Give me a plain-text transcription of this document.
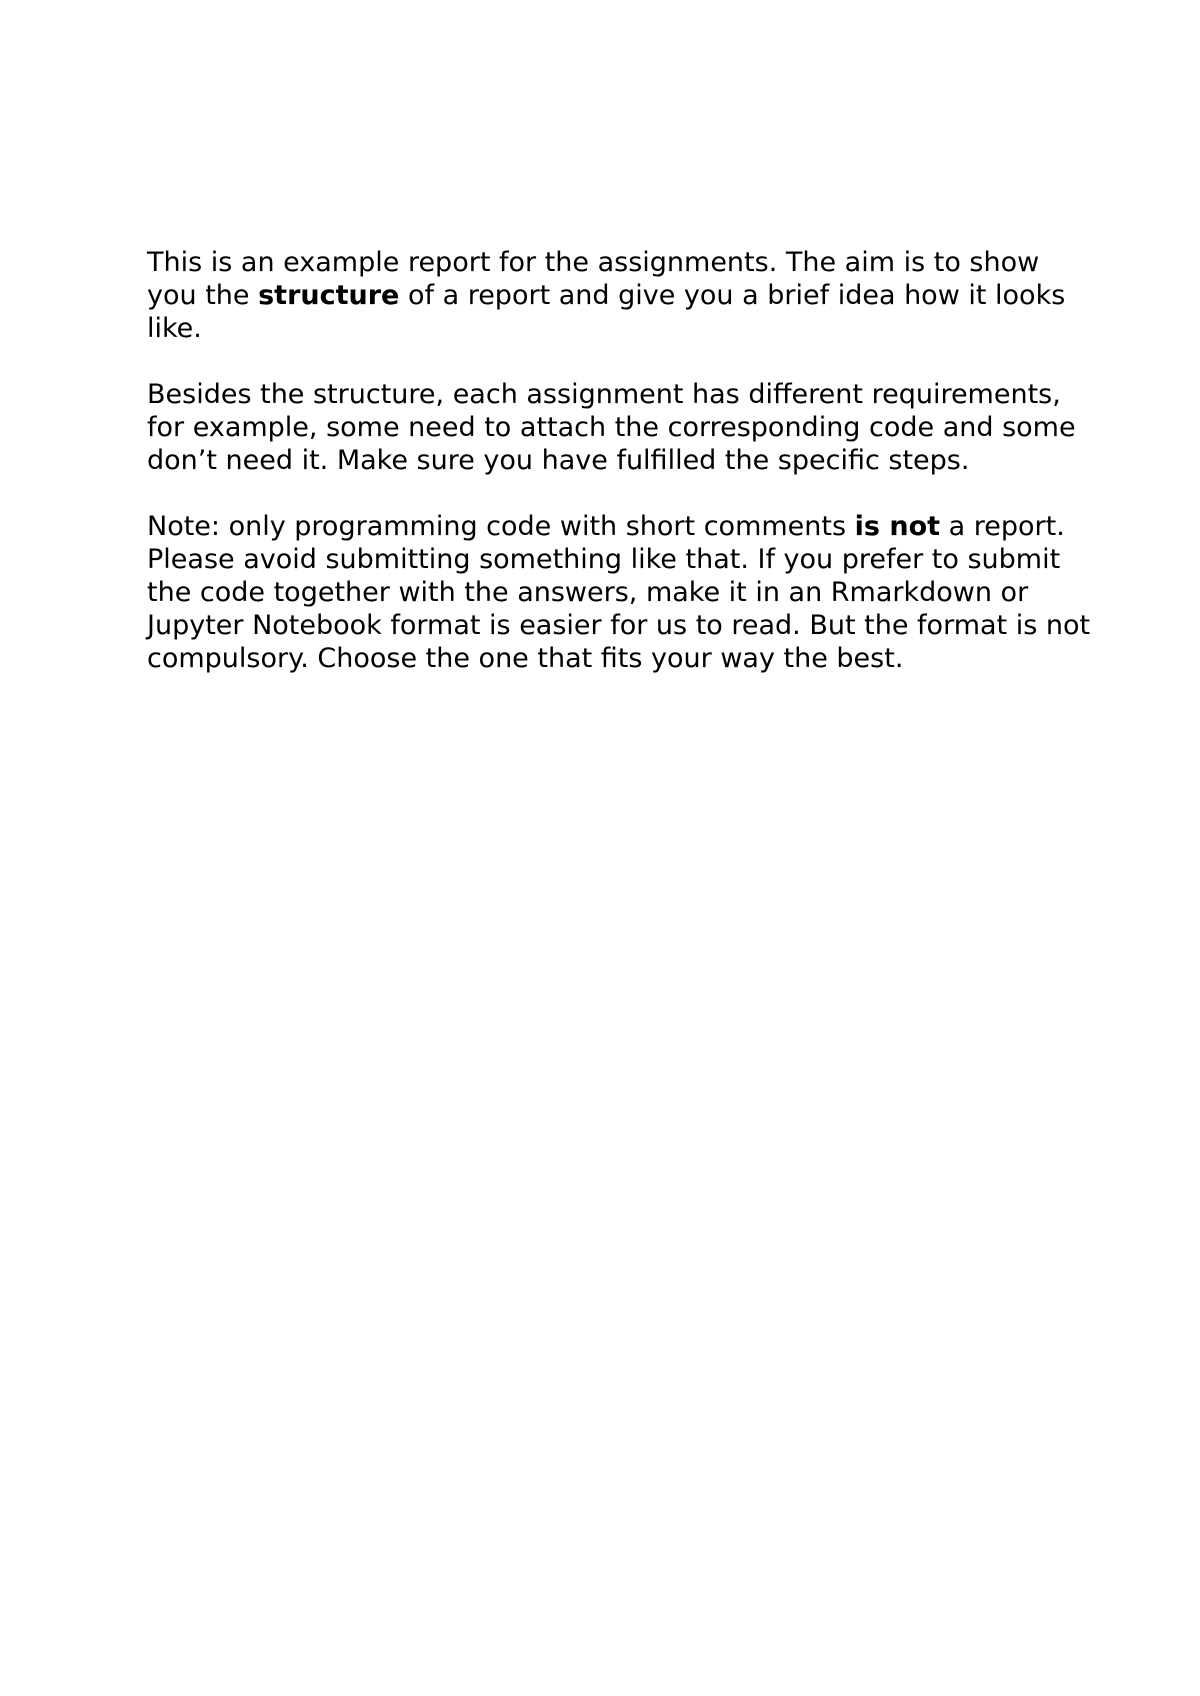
This is an example report for the assignments. The aim is to show you the structure of a report and give you a brief idea how it looks like.

Besides the structure, each assignment has different requirements, for example, some need to attach the corresponding code and some don’t need it. Make sure you have fulfilled the specific steps.

Note: only programming code with short comments is not a report. Please avoid submitting something like that. If you prefer to submit the code together with the answers, make it in an Rmarkdown or Jupyter Notebook format is easier for us to read. But the format is not compulsory. Choose the one that fits your way the best.
